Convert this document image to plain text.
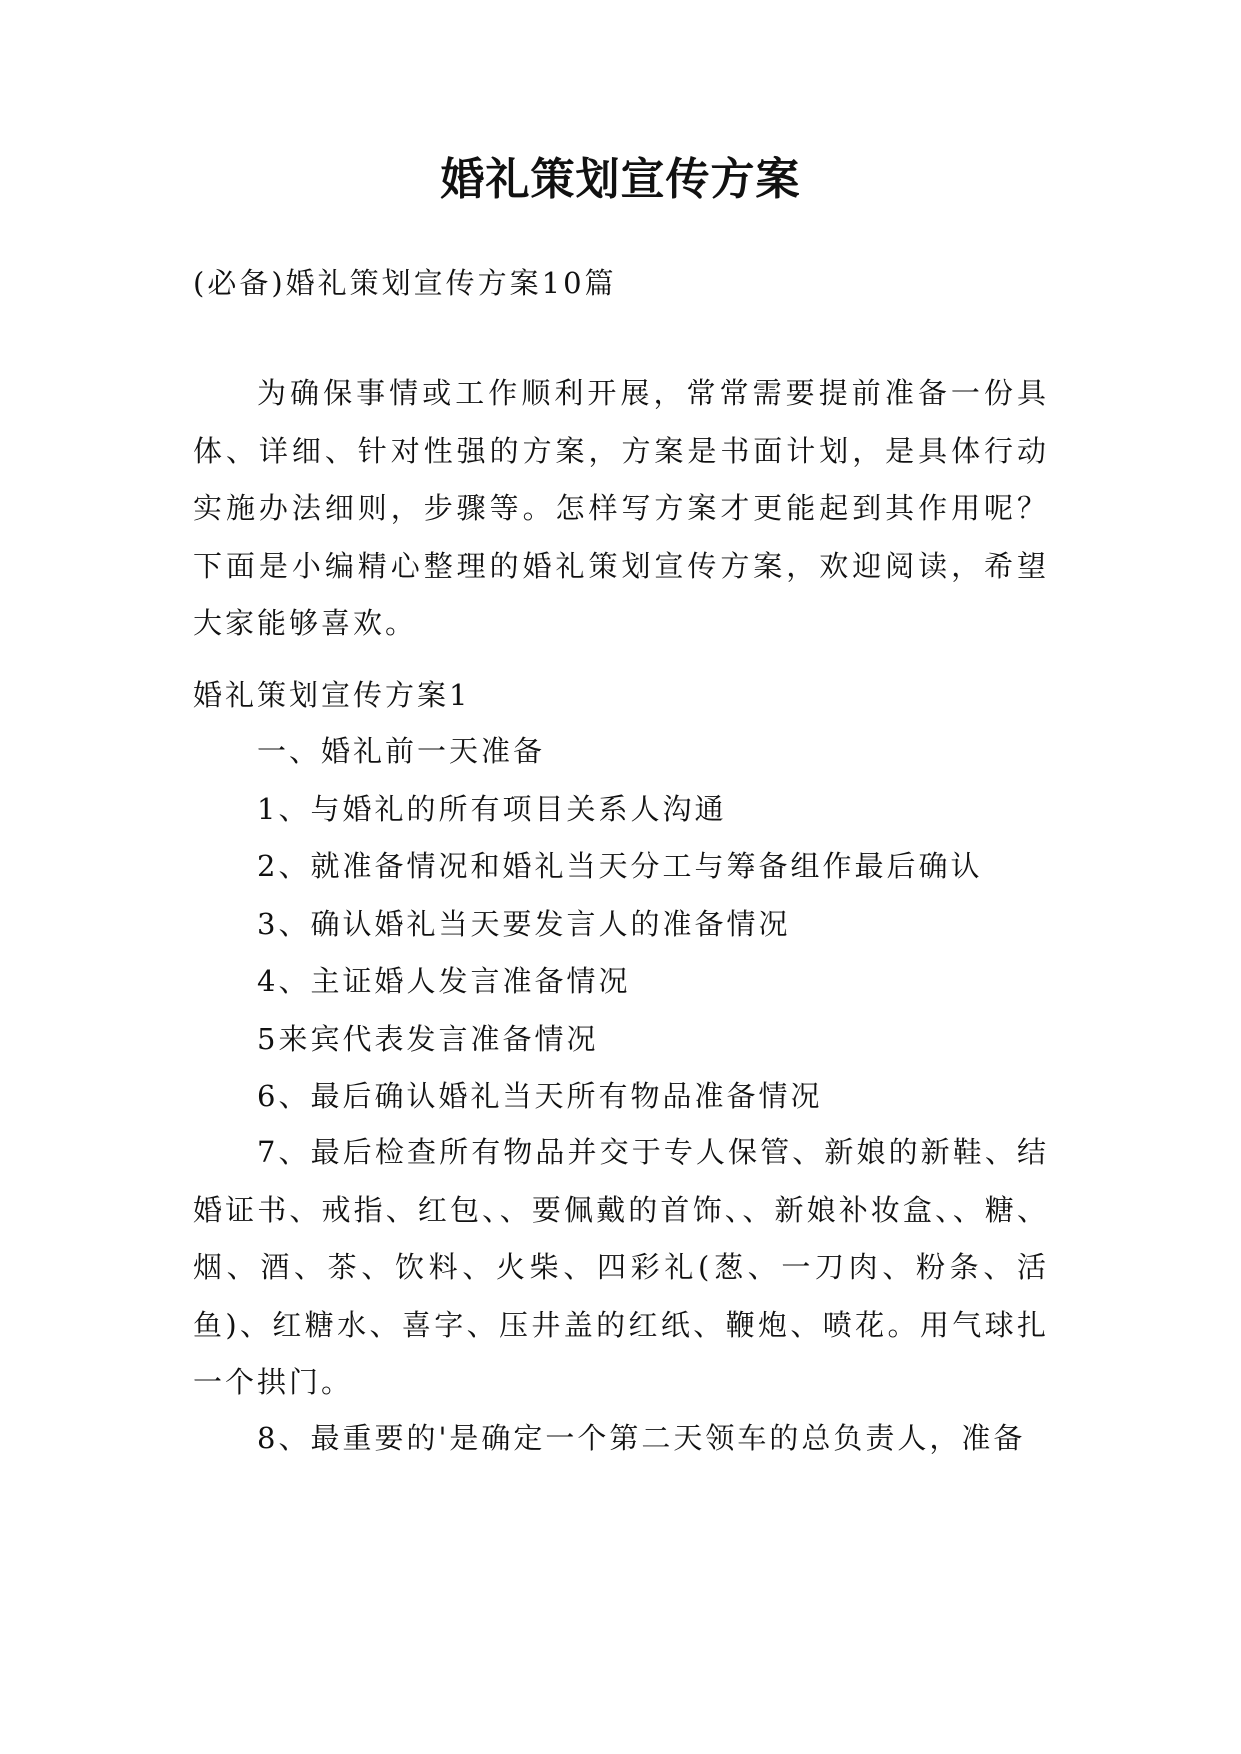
婚礼策划宣传方案
(必备)婚礼策划宣传方案10篇

为确保事情或工作顺利开展，常常需要提前准备一份具体、详细、针对性强的方案，方案是书面计划，是具体行动实施办法细则，步骤等。怎样写方案才更能起到其作用呢？下面是小编精心整理的婚礼策划宣传方案，欢迎阅读，希望大家能够喜欢。

婚礼策划宣传方案1
一、婚礼前一天准备
1、与婚礼的所有项目关系人沟通
2、就准备情况和婚礼当天分工与筹备组作最后确认
3、确认婚礼当天要发言人的准备情况
4、主证婚人发言准备情况
5来宾代表发言准备情况
6、最后确认婚礼当天所有物品准备情况

7、最后检查所有物品并交于专人保管、新娘的新鞋、结婚证书、戒指、红包、、要佩戴的首饰、、新娘补妆盒、、糖、烟、酒、茶、饮料、火柴、四彩礼(葱、一刀肉、粉条、活鱼)、红糖水、喜字、压井盖的红纸、鞭炮、喷花。用气球扎一个拱门。

8、最重要的'是确定一个第二天领车的总负责人，准备
